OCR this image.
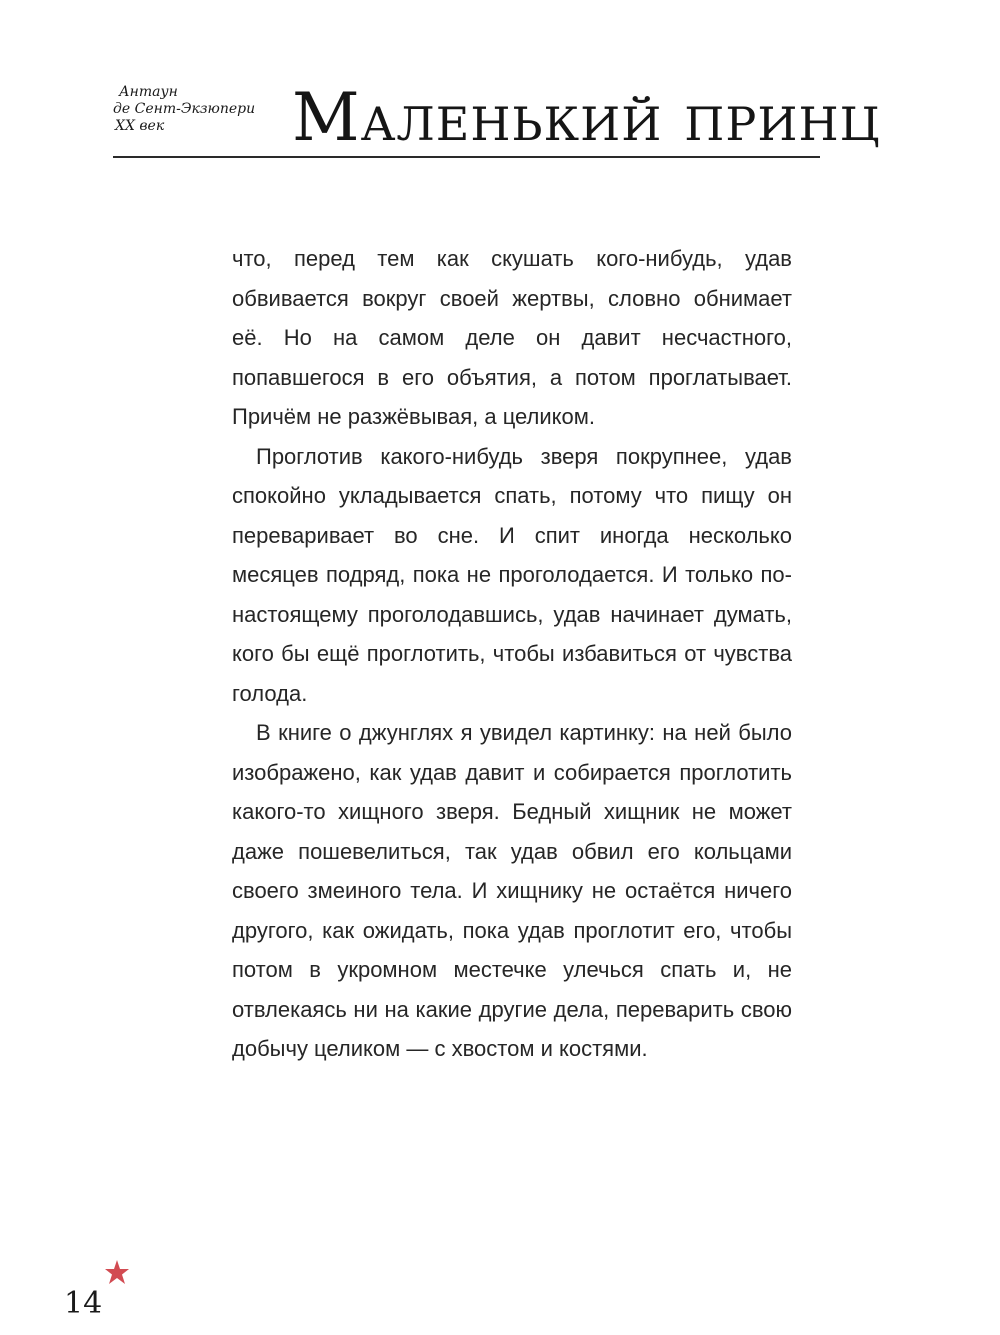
Антаун
де Сент-Экзюпери
XX век	Маленький принц

что, перед тем как скушать кого-нибудь, удав обвивается вокруг своей жертвы, словно обнимает её. Но на самом деле он давит несчастного, попавшегося в его объятия, а потом проглатывает. Причём не разжёвывая, а целиком.

Проглотив какого-нибудь зверя покрупнее, удав спокойно укладывается спать, потому что пищу он переваривает во сне. И спит иногда несколько месяцев подряд, пока не проголодается. И только по-настоящему проголодавшись, удав начинает думать, кого бы ещё проглотить, чтобы избавиться от чувства голода.

В книге о джунглях я увидел картинку: на ней было изображено, как удав давит и собирается проглотить какого-то хищного зверя. Бедный хищник не может даже пошевелиться, так удав обвил его кольцами своего змеиного тела. И хищнику не остаётся ничего другого, как ожидать, пока удав проглотит его, чтобы потом в укромном местечке улечься спать и, не отвлекаясь ни на какие другие дела, переварить свою добычу целиком — с хвостом и костями.

14
